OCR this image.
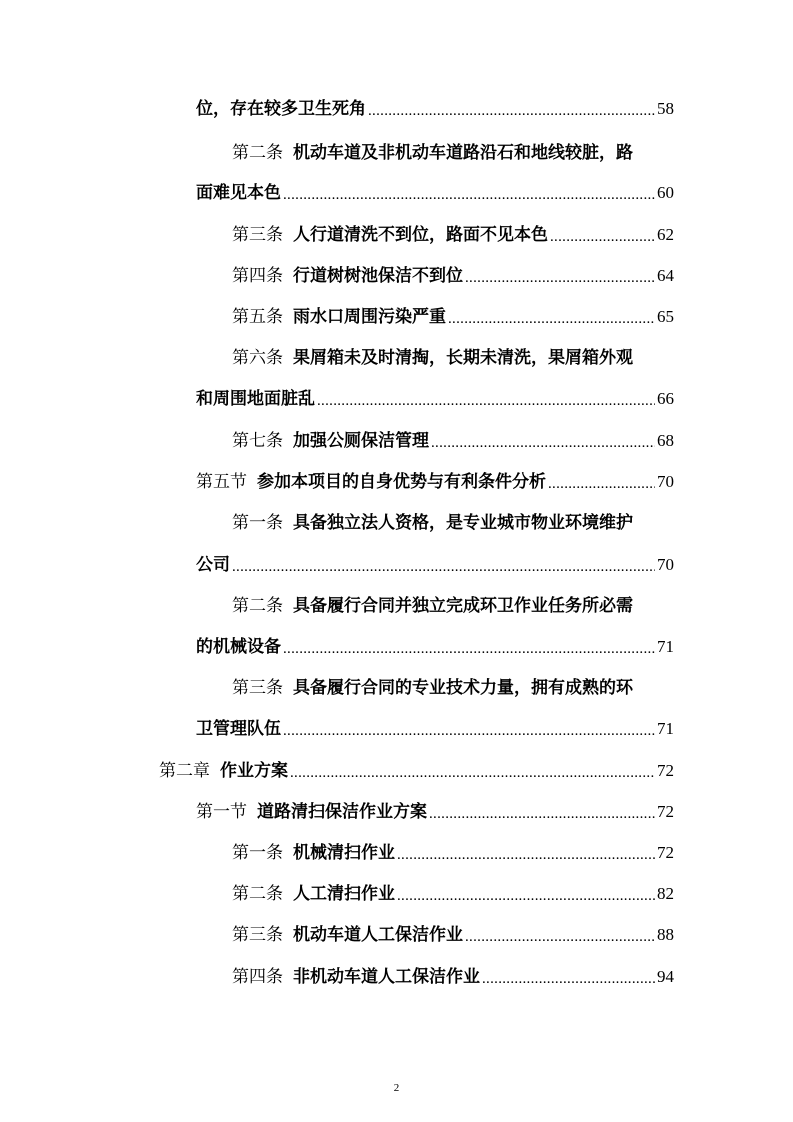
位，存在较多卫生死角 .....	58
第二条 机动车道及非机动车道路沿石和地线较脏，路
面难见本色 .....	60
第三条 人行道清洗不到位，路面不见本色 .....	62
第四条 行道树树池保洁不到位 .....	64
第五条 雨水口周围污染严重 .....	65
第六条 果屑箱未及时清掏，长期未清洗，果屑箱外观
和周围地面脏乱 .....	66
第七条 加强公厕保洁管理 .....	68
第五节 参加本项目的自身优势与有利条件分析 .....	70
第一条 具备独立法人资格，是专业城市物业环境维护
公司 .....	70
第二条 具备履行合同并独立完成环卫作业任务所必需
的机械设备 .....	71
第三条 具备履行合同的专业技术力量，拥有成熟的环
卫管理队伍 .....	71
第二章 作业方案 .....	72
第一节 道路清扫保洁作业方案 .....	72
第一条 机械清扫作业 .....	72
第二条 人工清扫作业 .....	82
第三条 机动车道人工保洁作业 .....	88
第四条 非机动车道人工保洁作业 .....	94
2
